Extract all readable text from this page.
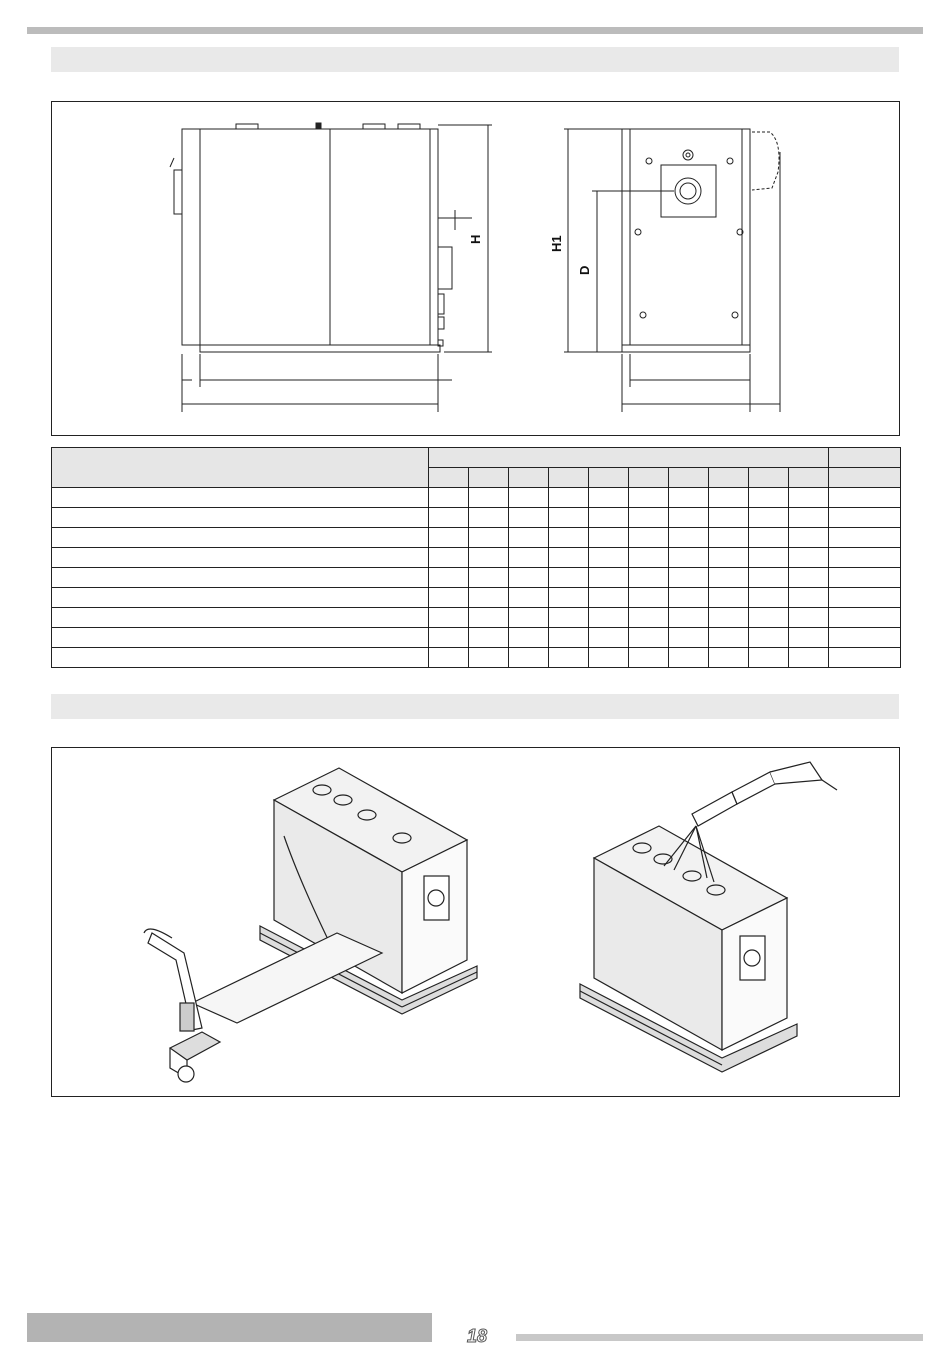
H	H1
D

18
